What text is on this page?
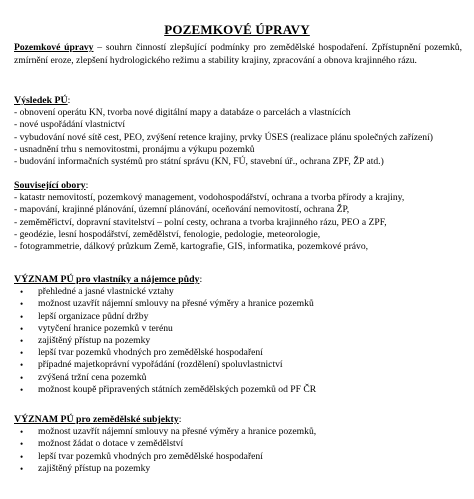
POZEMKOVÉ ÚPRAVY
Pozemkové úpravy – souhrn činností zlepšující podmínky pro zemědělské hospodaření. Zpřístupnění pozemků, zmírnění eroze, zlepšení hydrologického režimu a stability krajiny, zpracování a obnova krajinného rázu.
Výsledek PÚ:
- obnovení operátu KN, tvorba nové digitální mapy a databáze o parcelách a vlastnících
- nové uspořádání vlastnictví
- vybudování nové sítě cest, PEO, zvýšení retence krajiny, prvky ÚSES (realizace plánu společných zařízení)
- usnadnění trhu s nemovitostmi, pronájmu a výkupu pozemků
- budování informačních systémů pro státní správu (KN, FÚ, stavební úř., ochrana ZPF, ŽP atd.)
Související obory:
- katastr nemovitostí, pozemkový management, vodohospodářství, ochrana a tvorba přírody a krajiny,
- mapování, krajinné plánování, územní plánování, oceňování nemovitostí, ochrana ŽP,
- zeměměřictví, dopravní stavitelství – polní cesty, ochrana a tvorba krajinného rázu, PEO a ZPF,
- geodézie, lesní hospodářství, zemědělství, fenologie, pedologie, meteorologie,
- fotogrammetrie, dálkový průzkum Země, kartografie, GIS, informatika, pozemkové právo,
VÝZNAM PÚ pro vlastníky a nájemce půdy:
• přehledné a jasné vlastnické vztahy
• možnost uzavřít nájemní smlouvy na přesné výměry a hranice pozemků
• lepší organizace půdní držby
• vytyčení hranice pozemků v terénu
• zajištěný přístup na pozemky
• lepší tvar pozemků vhodných pro zemědělské hospodaření
• případné majetkoprávní vypořádání (rozdělení) spoluvlastnictví
• zvýšená tržní cena pozemků
• možnost koupě připravených státních zemědělských pozemků od PF ČR
VÝZNAM PÚ pro zemědělské subjekty:
• možnost uzavřít nájemní smlouvy na přesné výměry a hranice pozemků,
• možnost žádat o dotace v zemědělství
• lepší tvar pozemků vhodných pro zemědělské hospodaření
• zajištěný přístup na pozemky
